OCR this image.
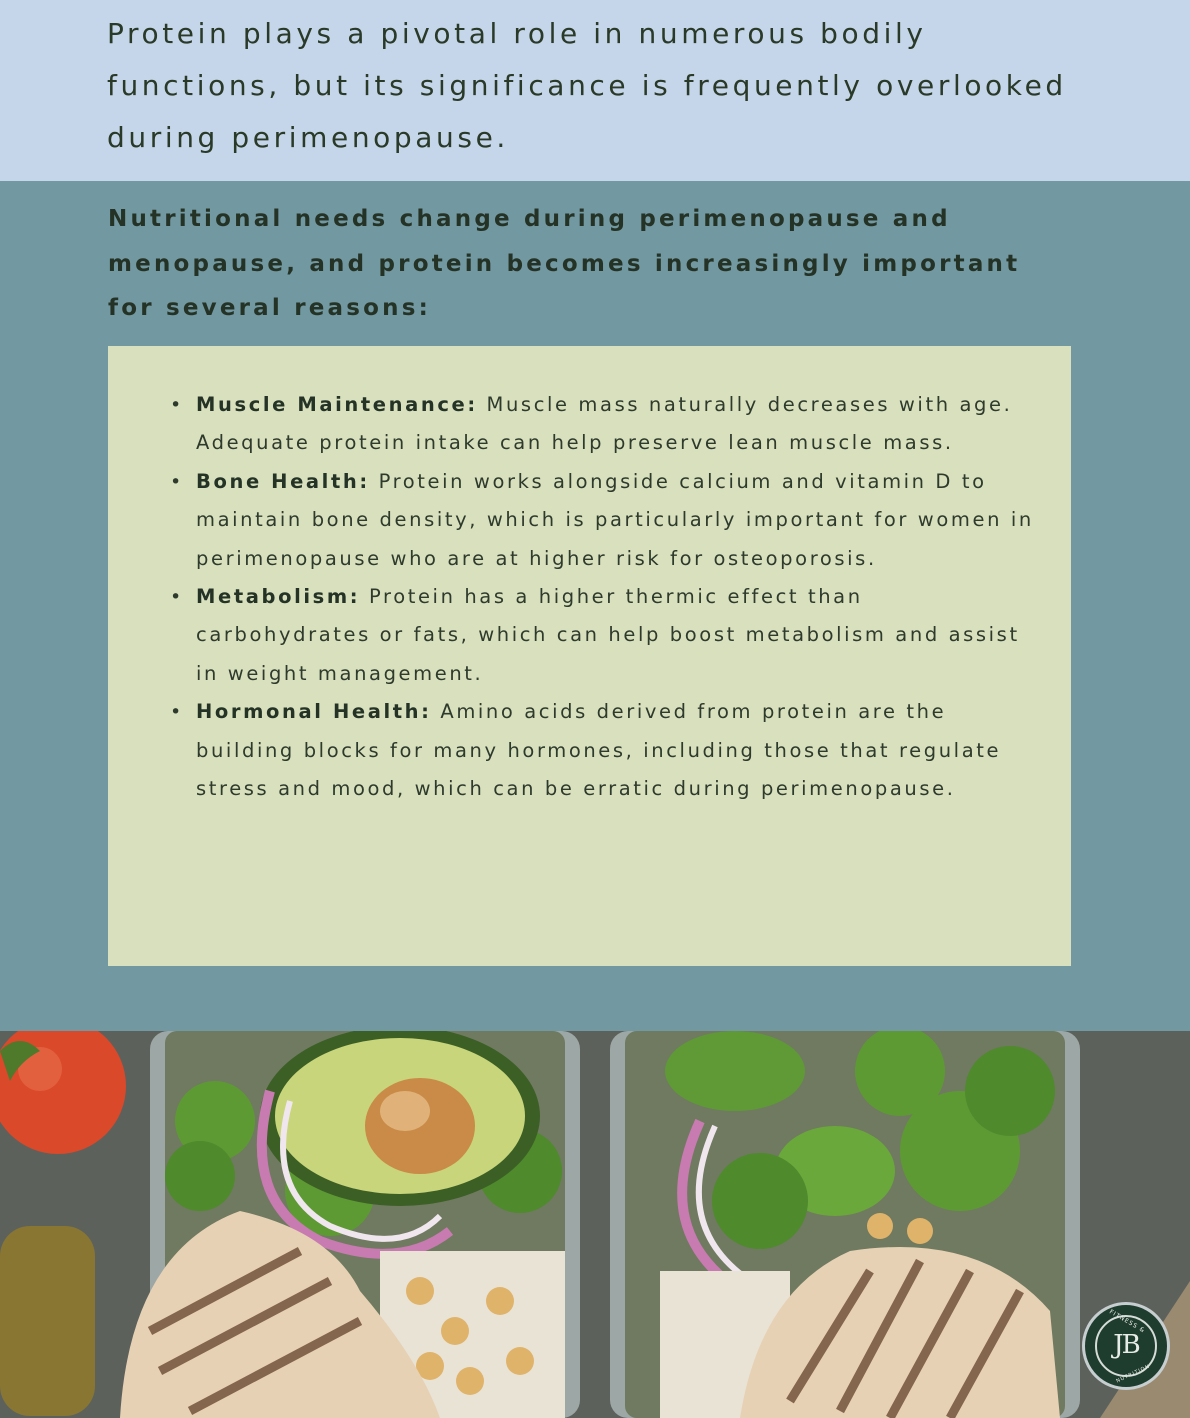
Protein plays a pivotal role in numerous bodily functions, but its significance is frequently overlooked during perimenopause.

Nutritional needs change during perimenopause and menopause, and protein becomes increasingly important for several reasons:

• Muscle Maintenance: Muscle mass naturally decreases with age. Adequate protein intake can help preserve lean muscle mass.
• Bone Health: Protein works alongside calcium and vitamin D to maintain bone density, which is particularly important for women in perimenopause who are at higher risk for osteoporosis.
• Metabolism: Protein has a higher thermic effect than carbohydrates or fats, which can help boost metabolism and assist in weight management.
• Hormonal Health: Amino acids derived from protein are the building blocks for many hormones, including those that regulate stress and mood, which can be erratic during perimenopause.
JB
FITNESS &
NUTRITION
